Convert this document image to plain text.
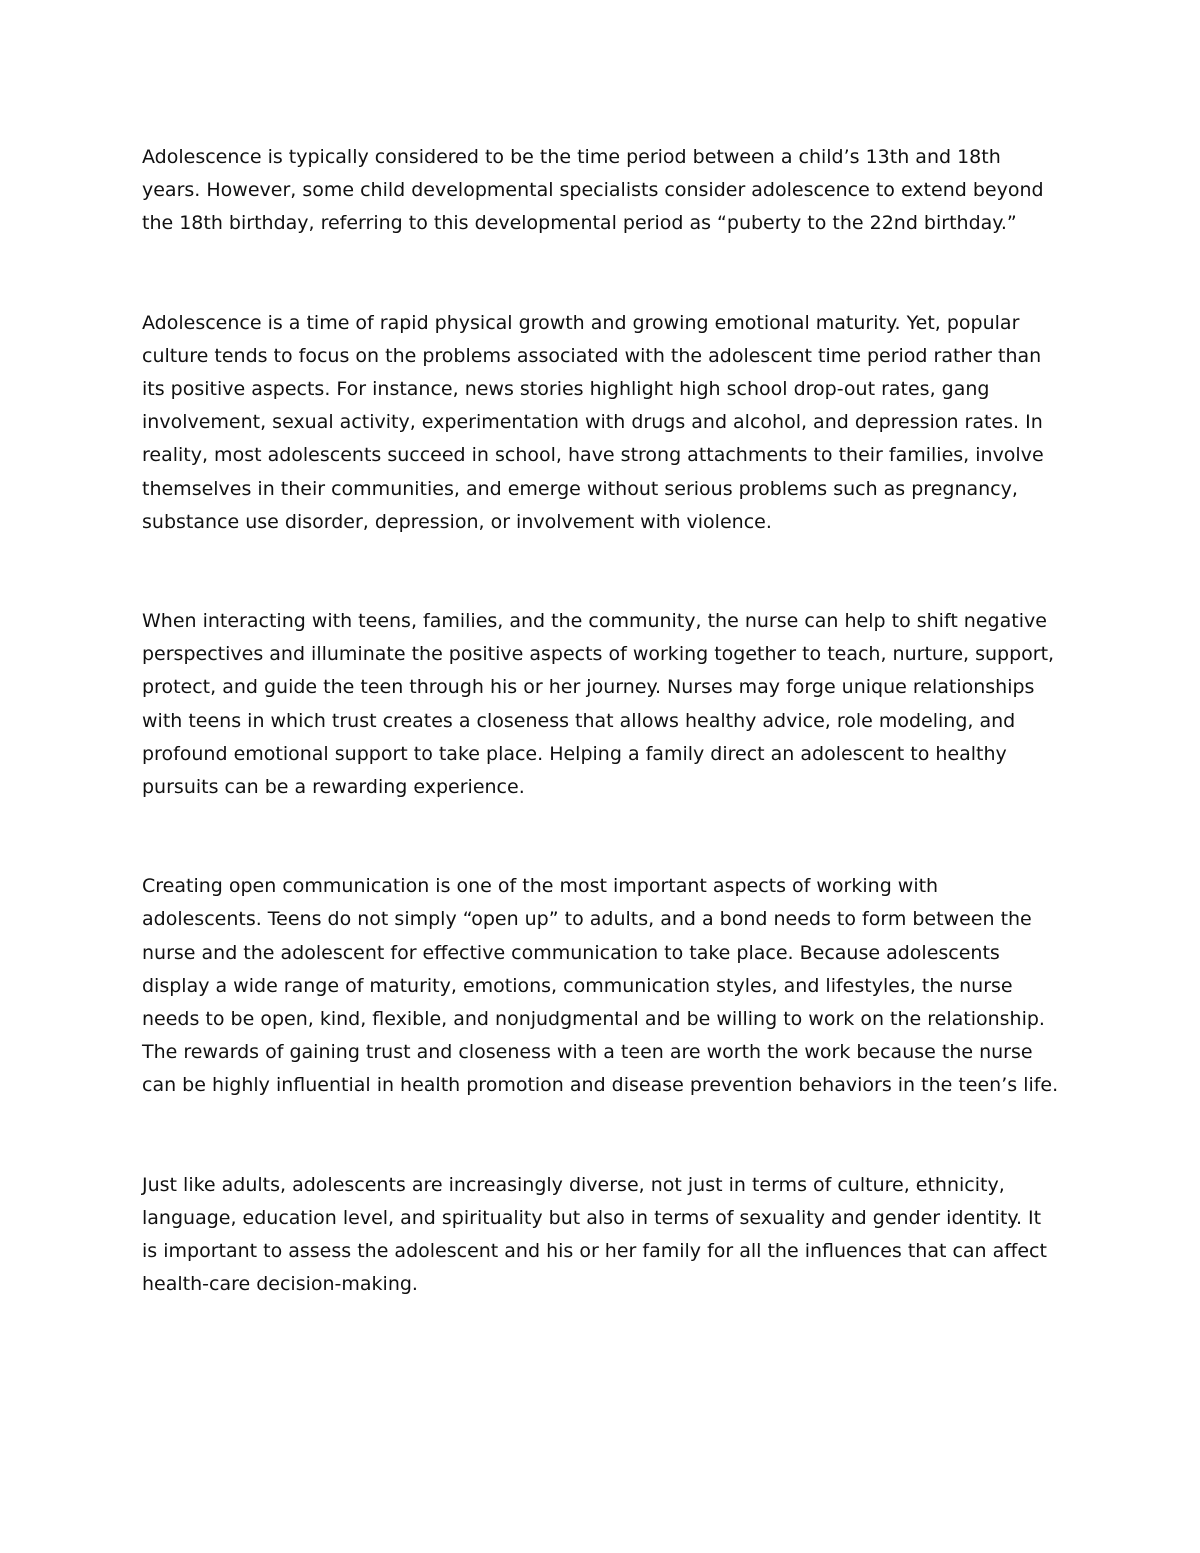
Adolescence is typically considered to be the time period between a child’s 13th and 18th years. However, some child developmental specialists consider adolescence to extend beyond the 18th birthday, referring to this developmental period as “puberty to the 22nd birthday.”

Adolescence is a time of rapid physical growth and growing emotional maturity. Yet, popular culture tends to focus on the problems associated with the adolescent time period rather than its positive aspects. For instance, news stories highlight high school drop-out rates, gang involvement, sexual activity, experimentation with drugs and alcohol, and depression rates. In reality, most adolescents succeed in school, have strong attachments to their families, involve themselves in their communities, and emerge without serious problems such as pregnancy, substance use disorder, depression, or involvement with violence.

When interacting with teens, families, and the community, the nurse can help to shift negative perspectives and illuminate the positive aspects of working together to teach, nurture, support, protect, and guide the teen through his or her journey. Nurses may forge unique relationships with teens in which trust creates a closeness that allows healthy advice, role modeling, and profound emotional support to take place. Helping a family direct an adolescent to healthy pursuits can be a rewarding experience.

Creating open communication is one of the most important aspects of working with adolescents. Teens do not simply “open up” to adults, and a bond needs to form between the nurse and the adolescent for effective communication to take place. Because adolescents display a wide range of maturity, emotions, communication styles, and lifestyles, the nurse needs to be open, kind, flexible, and nonjudgmental and be willing to work on the relationship. The rewards of gaining trust and closeness with a teen are worth the work because the nurse can be highly influential in health promotion and disease prevention behaviors in the teen’s life.

Just like adults, adolescents are increasingly diverse, not just in terms of culture, ethnicity, language, education level, and spirituality but also in terms of sexuality and gender identity. It is important to assess the adolescent and his or her family for all the influences that can affect health-care decision-making.
